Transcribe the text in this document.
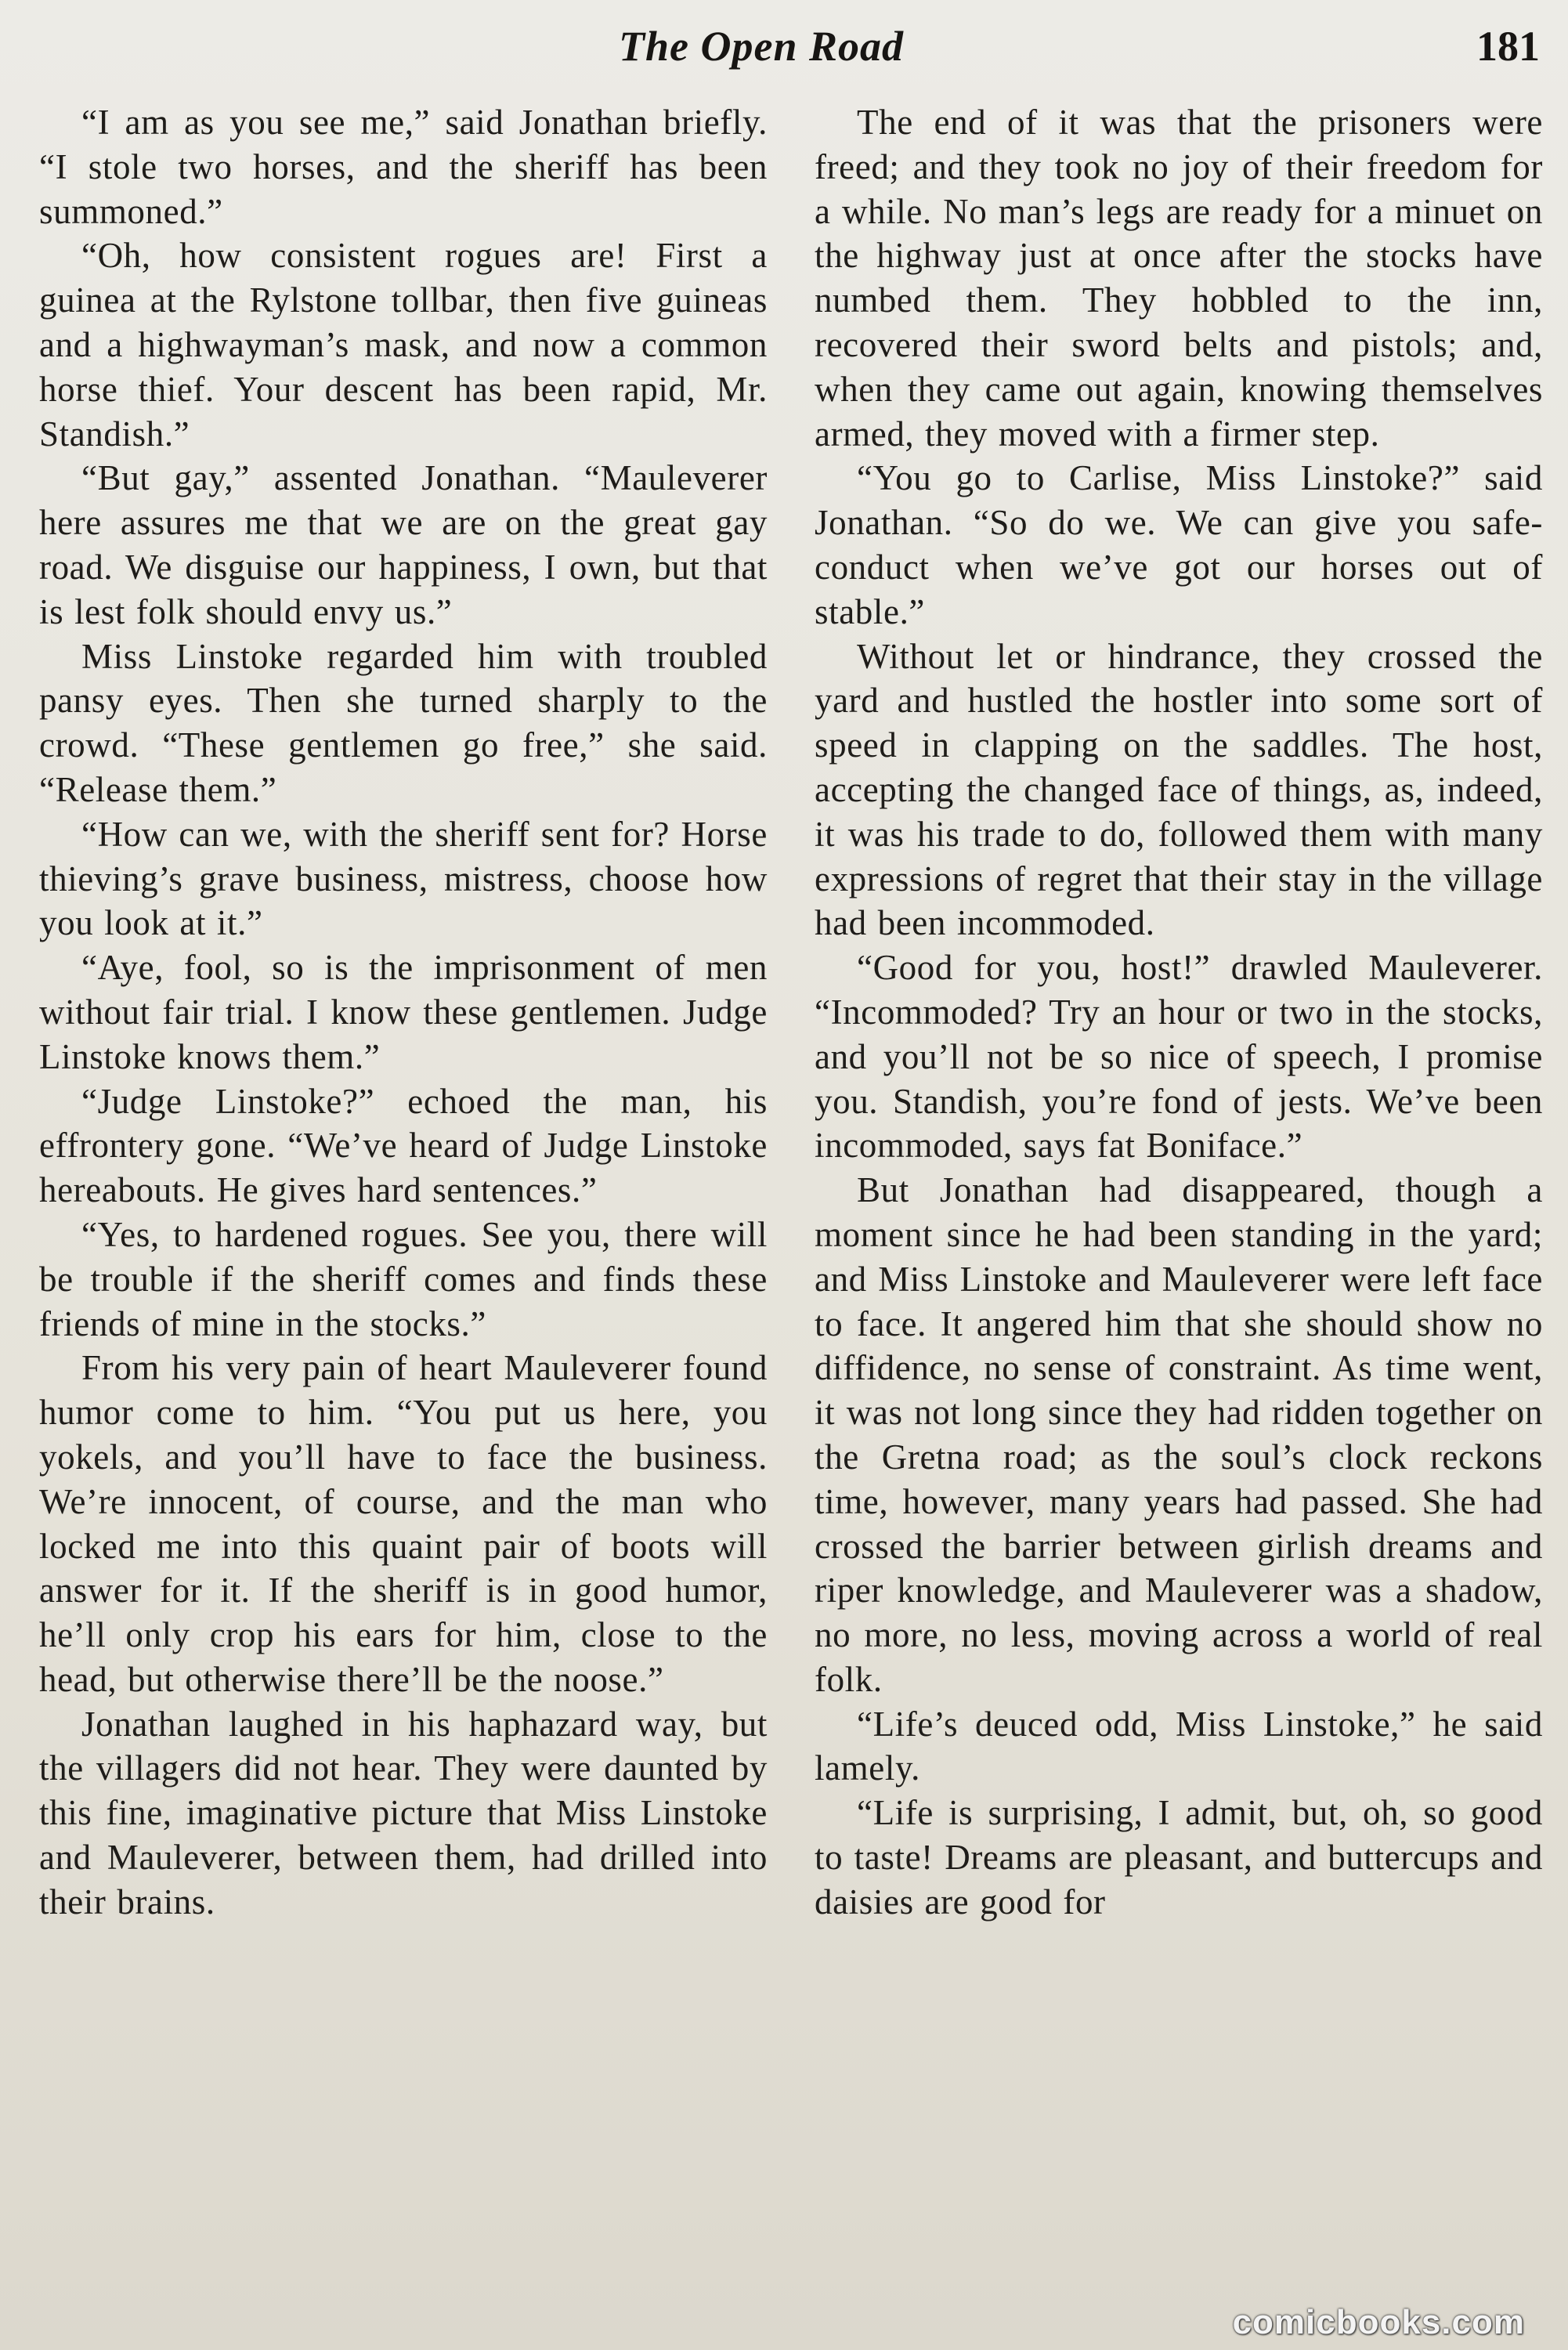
The Open Road	181

“I am as you see me,” said Jonathan briefly. “I stole two horses, and the sheriff has been summoned.”

“Oh, how consistent rogues are! First a guinea at the Rylstone tollbar, then five guineas and a highwayman’s mask, and now a common horse thief. Your descent has been rapid, Mr. Standish.”

“But gay,” assented Jonathan. “Mauleverer here assures me that we are on the great gay road. We disguise our happiness, I own, but that is lest folk should envy us.”

Miss Linstoke regarded him with troubled pansy eyes. Then she turned sharply to the crowd. “These gentlemen go free,” she said. “Release them.”

“How can we, with the sheriff sent for? Horse thieving’s grave business, mistress, choose how you look at it.”

“Aye, fool, so is the imprisonment of men without fair trial. I know these gentlemen. Judge Linstoke knows them.”

“Judge Linstoke?” echoed the man, his effrontery gone. “We’ve heard of Judge Linstoke hereabouts. He gives hard sentences.”

“Yes, to hardened rogues. See you, there will be trouble if the sheriff comes and finds these friends of mine in the stocks.”

From his very pain of heart Mauleverer found humor come to him. “You put us here, you yokels, and you’ll have to face the business. We’re innocent, of course, and the man who locked me into this quaint pair of boots will answer for it. If the sheriff is in good humor, he’ll only crop his ears for him, close to the head, but otherwise there’ll be the noose.”

Jonathan laughed in his haphazard way, but the villagers did not hear. They were daunted by this fine, imaginative picture that Miss Linstoke and Mauleverer, between them, had drilled into their brains.

The end of it was that the prisoners were freed; and they took no joy of their freedom for a while. No man’s legs are ready for a minuet on the highway just at once after the stocks have numbed them. They hobbled to the inn, recovered their sword belts and pistols; and, when they came out again, knowing themselves armed, they moved with a firmer step.

“You go to Carlise, Miss Linstoke?” said Jonathan. “So do we. We can give you safe-conduct when we’ve got our horses out of stable.”

Without let or hindrance, they crossed the yard and hustled the hostler into some sort of speed in clapping on the saddles. The host, accepting the changed face of things, as, indeed, it was his trade to do, followed them with many expressions of regret that their stay in the village had been incommoded.

“Good for you, host!” drawled Mauleverer. “Incommoded? Try an hour or two in the stocks, and you’ll not be so nice of speech, I promise you. Standish, you’re fond of jests. We’ve been incommoded, says fat Boniface.”

But Jonathan had disappeared, though a moment since he had been standing in the yard; and Miss Linstoke and Mauleverer were left face to face. It angered him that she should show no diffidence, no sense of constraint. As time went, it was not long since they had ridden together on the Gretna road; as the soul’s clock reckons time, however, many years had passed. She had crossed the barrier between girlish dreams and riper knowledge, and Mauleverer was a shadow, no more, no less, moving across a world of real folk.

“Life’s deuced odd, Miss Linstoke,” he said lamely.

“Life is surprising, I admit, but, oh, so good to taste! Dreams are pleasant, and buttercups and daisies are good for

comicbooks.com
